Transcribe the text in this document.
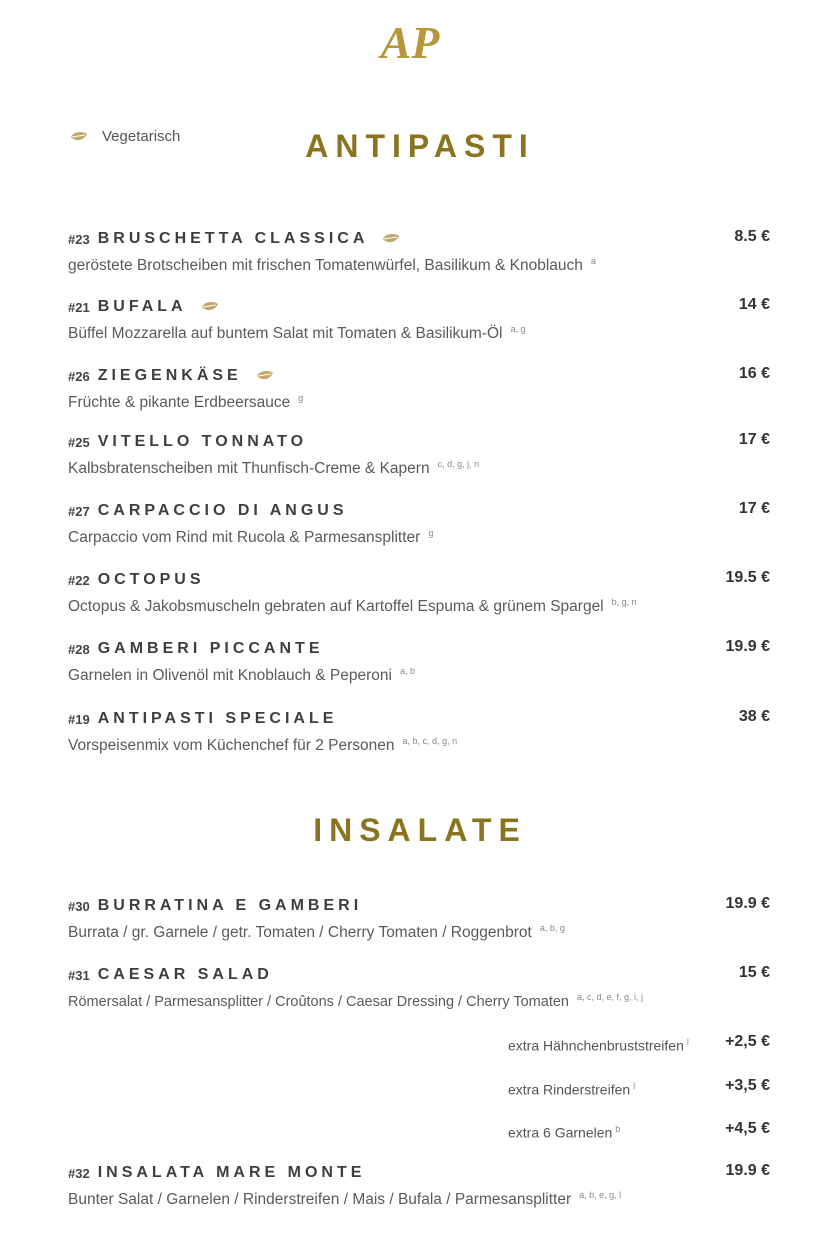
AP
Vegetarisch	ANTIPASTI
INSALATE
#23 BRUSCHETTA CLASSICA	8.5 €
geröstete Brotscheiben mit frischen Tomatenwürfel, Basilikum & Knoblauch $^a$
#21 BUFALA	14 €
Büffel Mozzarella auf buntem Salat mit Tomaten & Basilikum-Öl $^{a, g}$
#26 ZIEGENKÄSE	16 €
Früchte & pikante Erdbeersauce $^g$
#25 VITELLO TONNATO	17 €
Kalbsbratenscheiben mit Thunfisch-Creme & Kapern $^{c, d, g, j, n}$
#27 CARPACCIO DI ANGUS	17 €
Carpaccio vom Rind mit Rucola & Parmesansplitter $^g$
#22 OCTOPUS	19.5 €
Octopus & Jakobsmuscheln gebraten auf Kartoffel Espuma & grünem Spargel $^{b, g, n}$
#28 GAMBERI PICCANTE	19.9 €
Garnelen in Olivenöl mit Knoblauch & Peperoni $^{a, b}$
#19 ANTIPASTI SPECIALE	38 €
Vorspeisenmix vom Küchenchef für 2 Personen $^{a, b, c, d, g, n}$
#30 BURRATINA E GAMBERI	19.9 €
Burrata / gr. Garnele / getr. Tomaten / Cherry Tomaten / Roggenbrot $^{a, b, g}$
#31 CAESAR SALAD	15 €
Römersalat / Parmesansplitter / Croûtons / Caesar Dressing / Cherry Tomaten $^{a, c, d, e, f, g, i, j}$
extra Hähnchenbruststreifen $^l$ +2,5 €
extra Rinderstreifen $^l$	+3,5 €
extra 6 Garnelen $^b$	+4,5 €
#32 INSALATA MARE MONTE	19.9 €
Bunter Salat / Garnelen / Rinderstreifen / Mais / Bufala / Parmesansplitter $^{a, b, e, g, l}$
